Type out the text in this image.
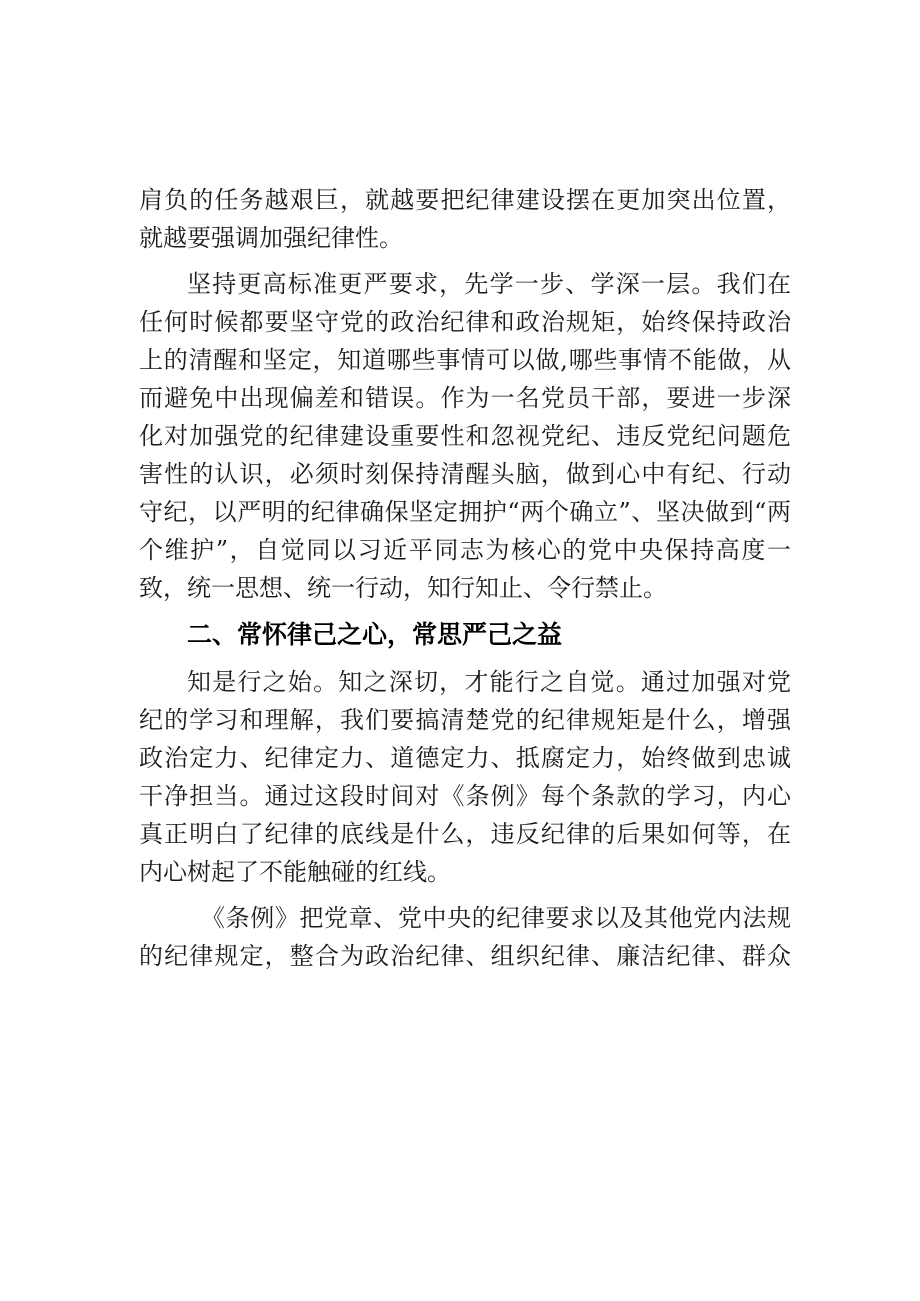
肩负的任务越艰巨，就越要把纪律建设摆在更加突出位置，
就越要强调加强纪律性。
坚持更高标准更严要求，先学一步、学深一层。我们在
任何时候都要坚守党的政治纪律和政治规矩，始终保持政治
上的清醒和坚定，知道哪些事情可以做,哪些事情不能做，从
而避免中出现偏差和错误。作为一名党员干部，要进一步深
化对加强党的纪律建设重要性和忽视党纪、违反党纪问题危
害性的认识，必须时刻保持清醒头脑，做到心中有纪、行动
守纪，以严明的纪律确保坚定拥护“两个确立”、坚决做到“两
个维护”，自觉同以习近平同志为核心的党中央保持高度一
致，统一思想、统一行动，知行知止、令行禁止。
二、常怀律己之心，常思严己之益
知是行之始。知之深切，才能行之自觉。通过加强对党
纪的学习和理解，我们要搞清楚党的纪律规矩是什么，增强
政治定力、纪律定力、道德定力、抵腐定力，始终做到忠诚
干净担当。通过这段时间对《条例》每个条款的学习，内心
真正明白了纪律的底线是什么，违反纪律的后果如何等，在
内心树起了不能触碰的红线。
《条例》把党章、党中央的纪律要求以及其他党内法规
的纪律规定，整合为政治纪律、组织纪律、廉洁纪律、群众
